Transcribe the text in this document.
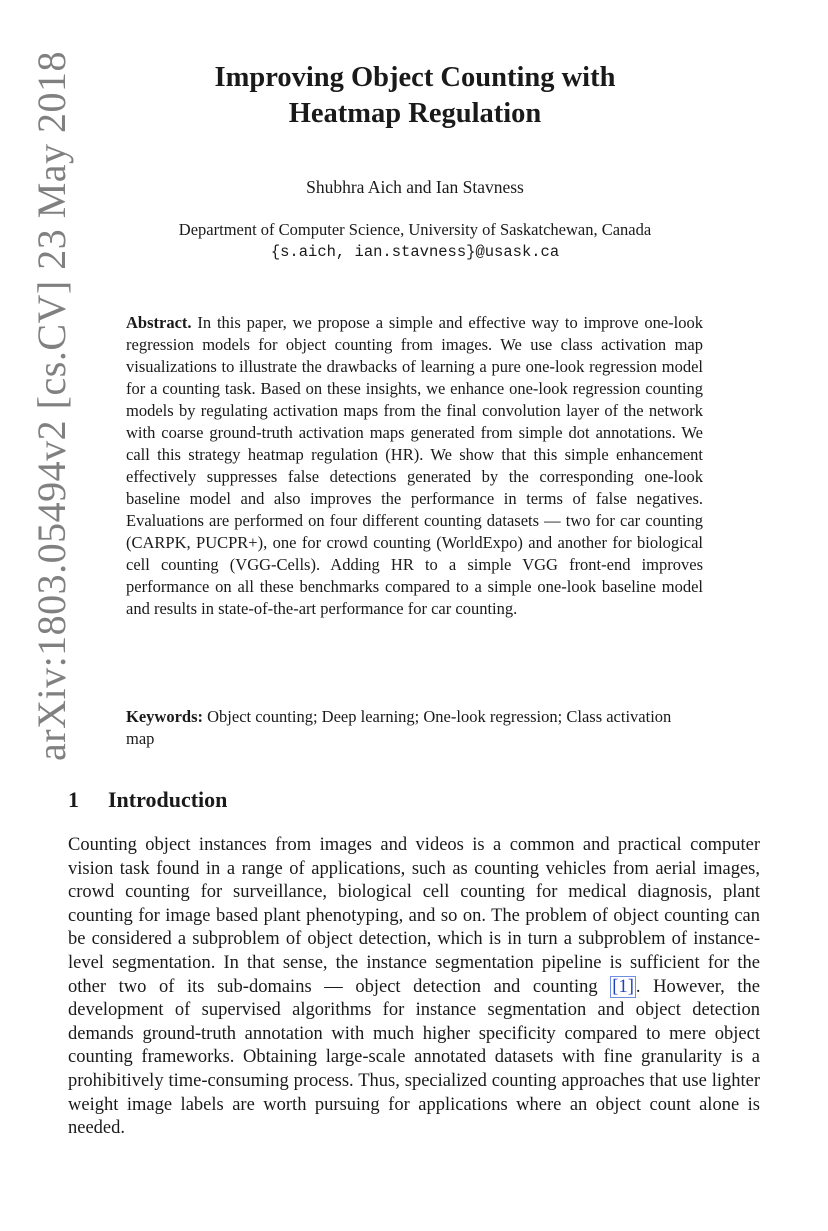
arXiv:1803.05494v2 [cs.CV] 23 May 2018	Improving Object Counting with
Heatmap Regulation
Shubhra Aich and Ian Stavness
Department of Computer Science, University of Saskatchewan, Canada
{s.aich, ian.stavness}@usask.ca

Abstract. In this paper, we propose a simple and effective way to improve one-look regression models for object counting from images. We use class activation map visualizations to illustrate the drawbacks of learning a pure one-look regression model for a counting task. Based on these insights, we enhance one-look regression counting models by regulating activation maps from the final convolution layer of the network with coarse ground-truth activation maps generated from simple dot annotations. We call this strategy heatmap regulation (HR). We show that this simple enhancement effectively suppresses false detections generated by the corresponding one-look baseline model and also improves the performance in terms of false negatives. Evaluations are performed on four different counting datasets — two for car counting (CARPK, PUCPR+), one for crowd counting (WorldExpo) and another for biological cell counting (VGG-Cells). Adding HR to a simple VGG front-end improves performance on all these benchmarks compared to a simple one-look baseline model and results in state-of-the-art performance for car counting.

Keywords: Object counting; Deep learning; One-look regression; Class activation map

1 Introduction

Counting object instances from images and videos is a common and practical computer vision task found in a range of applications, such as counting vehicles from aerial images, crowd counting for surveillance, biological cell counting for medical diagnosis, plant counting for image based plant phenotyping, and so on. The problem of object counting can be considered a subproblem of object detection, which is in turn a subproblem of instance-level segmentation. In that sense, the instance segmentation pipeline is sufficient for the other two of its sub-domains — object detection and counting [1] . However, the development of supervised algorithms for instance segmentation and object detection demands ground-truth annotation with much higher specificity compared to mere object counting frameworks. Obtaining large-scale annotated datasets with fine granularity is a prohibitively time-consuming process. Thus, specialized counting approaches that use lighter weight image labels are worth pursuing for applications where an object count alone is needed.
